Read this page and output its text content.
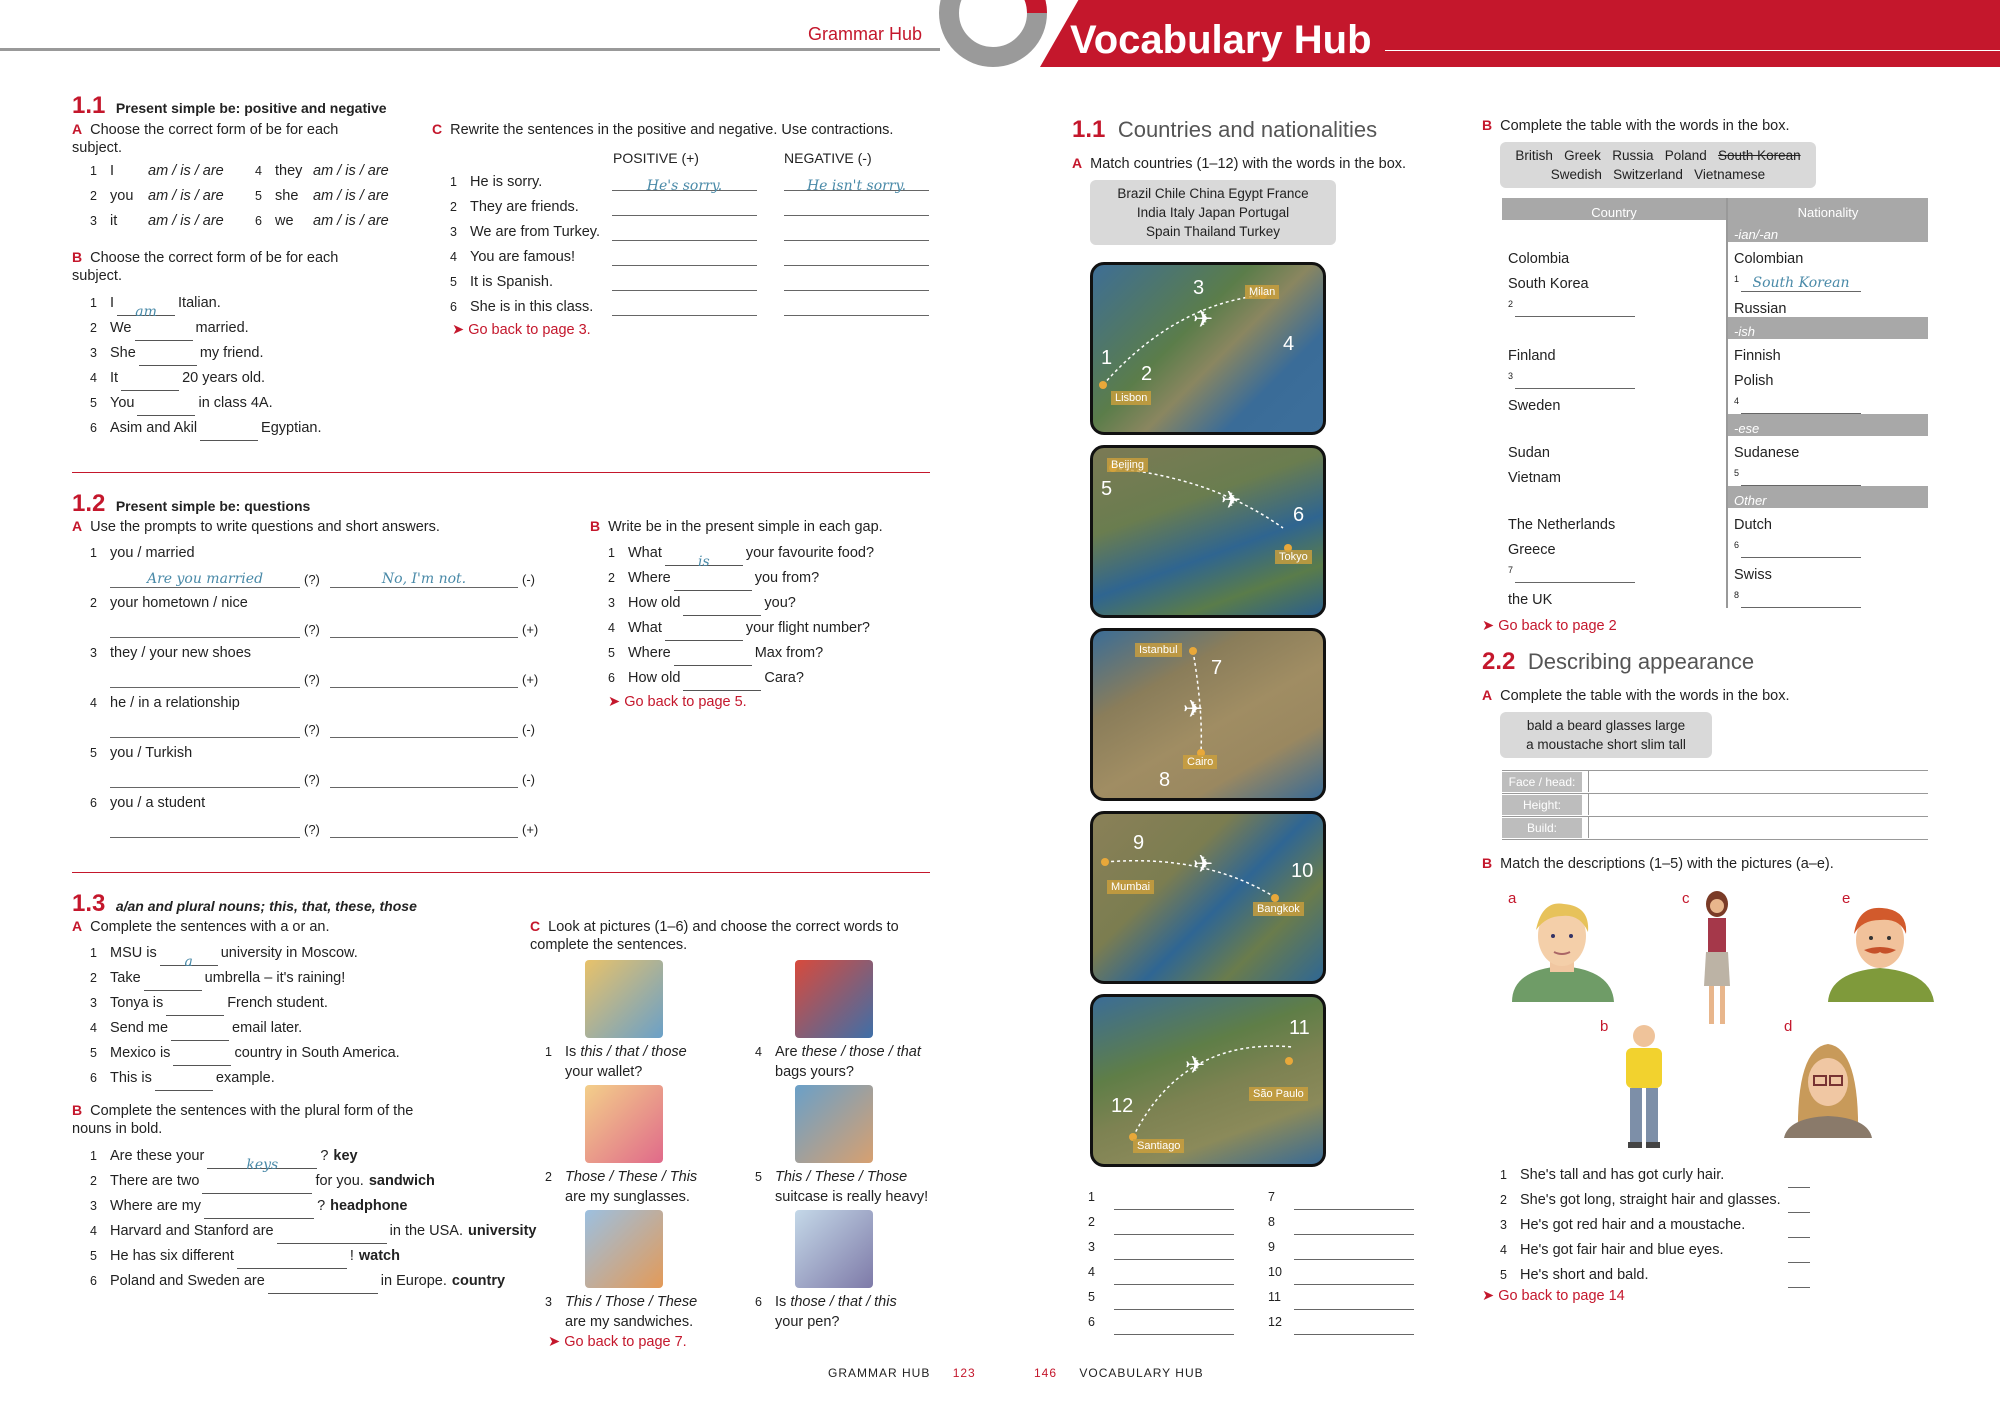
Grammar Hub	Vocabulary Hub
1.1 Present simple be: positive and negative
A Choose the correct form of be for each subject.
1 I am / is / are	4 they am / is / are
2 you am / is / are	5 she am / is / are
3 it am / is / are	6 we am / is / are
B Choose the correct form of be for each subject.
1 IamItalian.
2 We	married.
3 She	my friend.
4 It	20 years old.
5 You	in class 4A.
6 Asim and Akil	Egyptian.
C Rewrite the sentences in the positive and negative. Use contractions.
POSITIVE (+)	NEGATIVE (-)
1 He is sorry.	He's sorry.	He isn't sorry.
2 They are friends.
3 We are from Turkey.
4 You are famous!
5 It is Spanish.
6 She is in this class.
➤ Go back to page 3.
1.2 Present simple be: questions
A Use the prompts to write questions and short answers.
1 you / married
Are you married	(?)	No, I'm not.	(-)
2 your hometown / nice
(?)	(+)
3 they / your new shoes
(?)	(+)
4 he / in a relationship
(?)	(-)
5 you / Turkish
(?)	(-)
6 you / a student
(?)	(+)
B Write be in the present simple in each gap.
1 Whatisyour favourite food?
2 Where	you from?
3 How old	you?
4 What	your flight number?
5 Where	Max from?
6 How old	Cara?
➤ Go back to page 5.
1.3 a/an and plural nouns; this, that, these, those
A Complete the sentences with a or an.
1 MSU isauniversity in Moscow.
2 Take	umbrella – it's raining!
3 Tonya is	French student.
4 Send me	email later.
5 Mexico is	country in South America.
6 This is	example.
B Complete the sentences with the plural form of the nouns in bold.
1 Are these yourkeys? key
2 There are two	for you. sandwich
3 Where are my	? headphone
4 Harvard and Stanford are	in the USA. university
5 He has six different	! watch
6 Poland and Sweden are	in Europe. country
C Look at pictures (1–6) and choose the correct words to complete the sentences.
1 Is this / that / those
your wallet?
4 Are these / those / that
bags yours?
2 Those / These / This
are my sunglasses.
5 This / These / Those
suitcase is really heavy!
3 This / Those / These
are my sandwiches.
6 Is those / that / this
your pen?
➤ Go back to page 7.
GRAMMAR HUB 123	146 VOCABULARY HUB
1.1 Countries and nationalities
A Match countries (1–12) with the words in the box.
Brazil Chile China Egypt France
India Italy Japan Portugal
Spain Thailand Turkey
✈
1
2
3
4
Lisbon
Milan
✈
5
6
Beijing
Tokyo
✈
7
8
Istanbul
Cairo
✈
9
10
Mumbai
Bangkok
✈
11
12
São Paulo
Santiago
1
2
3
4
5
6
7
8
9
10
11
12
B Complete the table with the words in the box.
British Greek Russia Poland South Korean
Swedish Switzerland Vietnamese
Country	Nationality
	-ian/-an
Colombia	Colombian
South Korea	$^1$ South Korean
$^2$	Russian
	-ish
Finland	Finnish
$^3$	Polish
Sweden	$^4$
	-ese
Sudan	Sudanese
Vietnam	$^5$
	Other
The Netherlands	Dutch
Greece	$^6$
$^7$	Swiss
the UK	$^8$
➤ Go back to page 2
2.2 Describing appearance
A Complete the table with the words in the box.
bald a beard glasses large
a moustache short slim tall
Face / head:
Height:
Build:
B Match the descriptions (1–5) with the pictures (a–e).
a	c	e
b	d
1 She's tall and has got curly hair.
2 She's got long, straight hair and glasses.
3 He's got red hair and a moustache.
4 He's got fair hair and blue eyes.
5 He's short and bald.
➤ Go back to page 14
